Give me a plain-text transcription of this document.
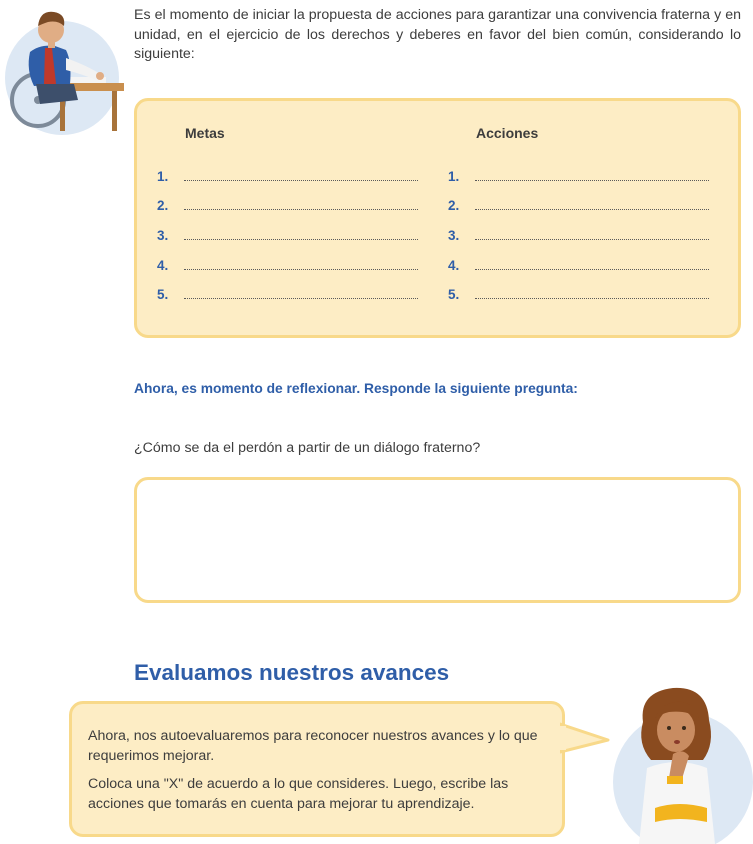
Es el momento de iniciar la propuesta de acciones para garantizar una convivencia fraterna y en unidad, en el ejercicio de los derechos y deberes en favor del bien común, considerando lo siguiente:
Metas	Acciones
1.
2.
3.
4.
5.
1.
2.
3.
4.
5.
Ahora, es momento de reflexionar. Responde la siguiente pregunta:
¿Cómo se da el perdón a partir de un diálogo fraterno?
Evaluamos nuestros avances

Ahora, nos autoevaluaremos para reconocer nuestros avances y lo que requerimos mejorar.

Coloca una "X" de acuerdo a lo que consideres. Luego, escribe las acciones que tomarás en cuenta para mejorar tu aprendizaje.
